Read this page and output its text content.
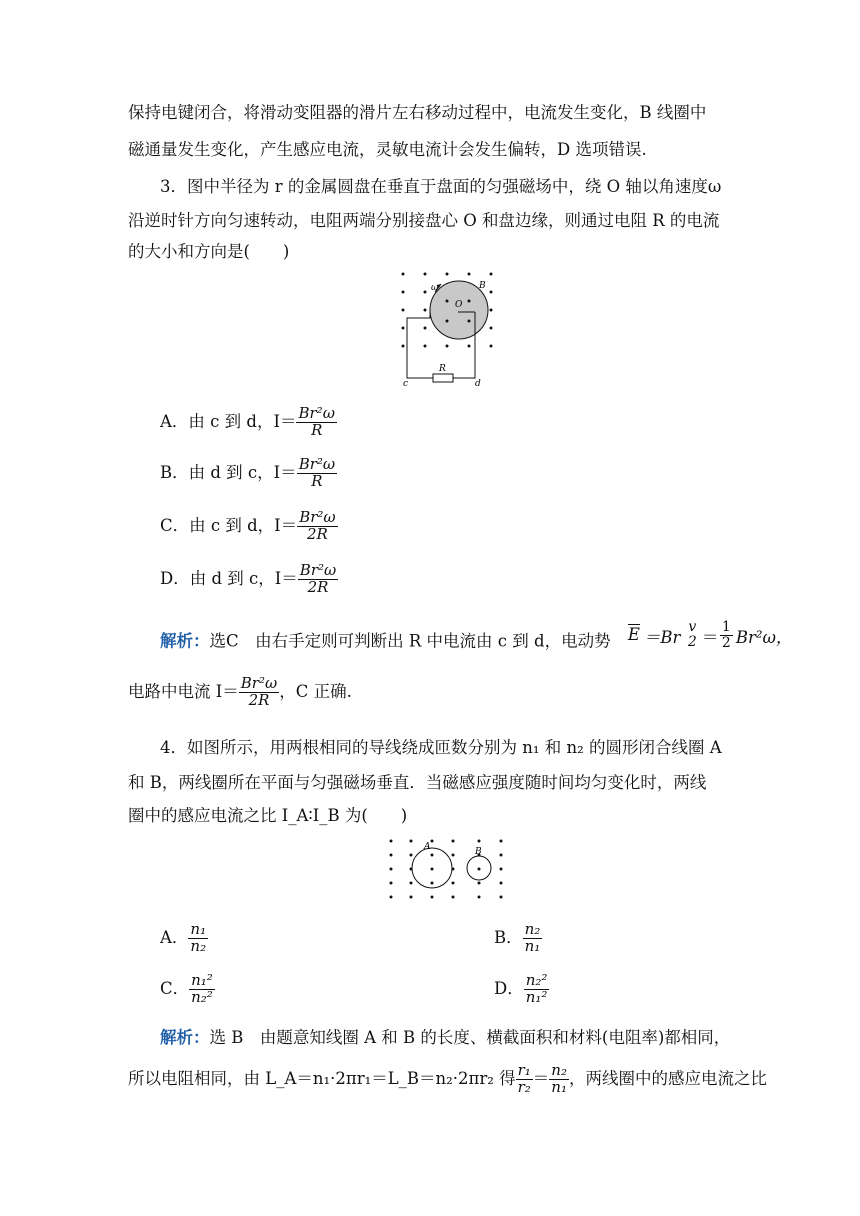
保持电键闭合，将滑动变阻器的滑片左右移动过程中，电流发生变化，B 线圈中
磁通量发生变化，产生感应电流，灵敏电流计会发生偏转，D 选项错误.
3．图中半径为 r 的金属圆盘在垂直于盘面的匀强磁场中，绕 O 轴以角速度ω
沿逆时针方向匀速转动，电阻两端分别接盘心 O 和盘边缘，则通过电阻 R 的电流
的大小和方向是(　　)
ω	B
O
R
c	d
A．由 c 到 d，$I= \frac{\text{Br²ω}}{R}$
B．由 d 到 c，$I= \frac{\text{Br²ω}}{R}$
C．由 c 到 d，$I= \frac{\text{Br²ω}}{2R}$
D．由 d 到 c，$I= \frac{\text{Br²ω}}{2R}$
解析：选C　由右手定则可判断出 R 中电流由 c 到 d，电动势 E ＝Br
v
$2 = \frac{1}{2} Br^2\omega$，
电路中电流 $I= \frac{\text{Br²ω}}{2R}$ ，C 正确.
4．如图所示，用两根相同的导线绕成匝数分别为 n₁ 和 n₂ 的圆形闭合线圈 A
和 B，两线圈所在平面与匀强磁场垂直．当磁感应强度随时间均匀变化时，两线
圈中的感应电流之比 I_A∶I_B 为(　　)
A	B
A． $\frac{\text{n₁}}{\text{n₂}}$	B． $\frac{\text{n₂}}{\text{n₁}}$
C． $\frac{\text{n₁²}}{\text{n₂²}}$	D． $\frac{\text{n₂²}}{\text{n₁²}}$
解析：选 B　由题意知线圈 A 和 B 的长度、横截面积和材料(电阻率)都相同，
所以电阻相同，由 L_A＝n₁·2πr₁＝L_B＝n₂·2πr₂ 得 $\frac{\text{r₁}}{\text{r₂}} = \frac{\text{n₂}}{\text{n₁}}$ ，两线圈中的感应电流之比
